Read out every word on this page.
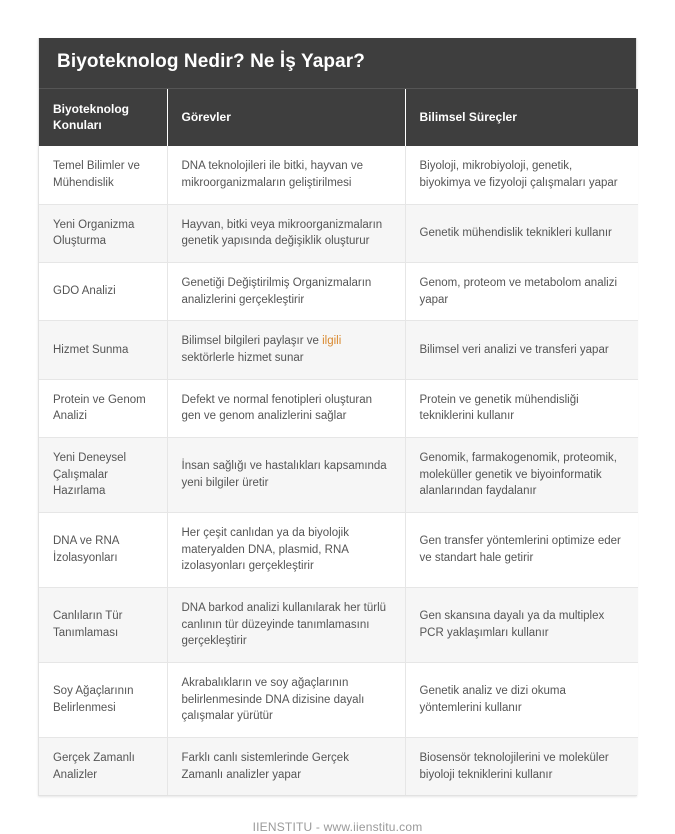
Biyoteknolog Nedir? Ne İş Yapar?
Biyoteknolog Konuları	Görevler	Bilimsel Süreçler
Temel Bilimler ve Mühendislik	DNA teknolojileri ile bitki, hayvan ve mikroorganizmaların geliştirilmesi	Biyoloji, mikrobiyoloji, genetik, biyokimya ve fizyoloji çalışmaları yapar
Yeni Organizma Oluşturma	Hayvan, bitki veya mikroorganizmaların genetik yapısında değişiklik oluşturur	Genetik mühendislik teknikleri kullanır
GDO Analizi	Genetiği Değiştirilmiş Organizmaların analizlerini gerçekleştirir	Genom, proteom ve metabolom analizi yapar
Hizmet Sunma	Bilimsel bilgileri paylaşır ve ilgili sektörlerle hizmet sunar	Bilimsel veri analizi ve transferi yapar
Protein ve Genom Analizi	Defekt ve normal fenotipleri oluşturan gen ve genom analizlerini sağlar	Protein ve genetik mühendisliği tekniklerini kullanır
Yeni Deneysel Çalışmalar Hazırlama	İnsan sağlığı ve hastalıkları kapsamında yeni bilgiler üretir	Genomik, farmakogenomik, proteomik, moleküller genetik ve biyoinformatik alanlarından faydalanır
DNA ve RNA İzolasyonları	Her çeşit canlıdan ya da biyolojik materyalden DNA, plasmid, RNA izolasyonları gerçekleştirir	Gen transfer yöntemlerini optimize eder ve standart hale getirir
Canlıların Tür Tanımlaması	DNA barkod analizi kullanılarak her türlü canlının tür düzeyinde tanımlamasını gerçekleştirir	Gen skansına dayalı ya da multiplex PCR yaklaşımları kullanır
Soy Ağaçlarının Belirlenmesi	Akrabalıkların ve soy ağaçlarının belirlenmesinde DNA dizisine dayalı çalışmalar yürütür	Genetik analiz ve dizi okuma yöntemlerini kullanır
Gerçek Zamanlı Analizler	Farklı canlı sistemlerinde Gerçek Zamanlı analizler yapar	Biosensör teknolojilerini ve moleküler biyoloji tekniklerini kullanır
IIENSTITU - www.iienstitu.com
